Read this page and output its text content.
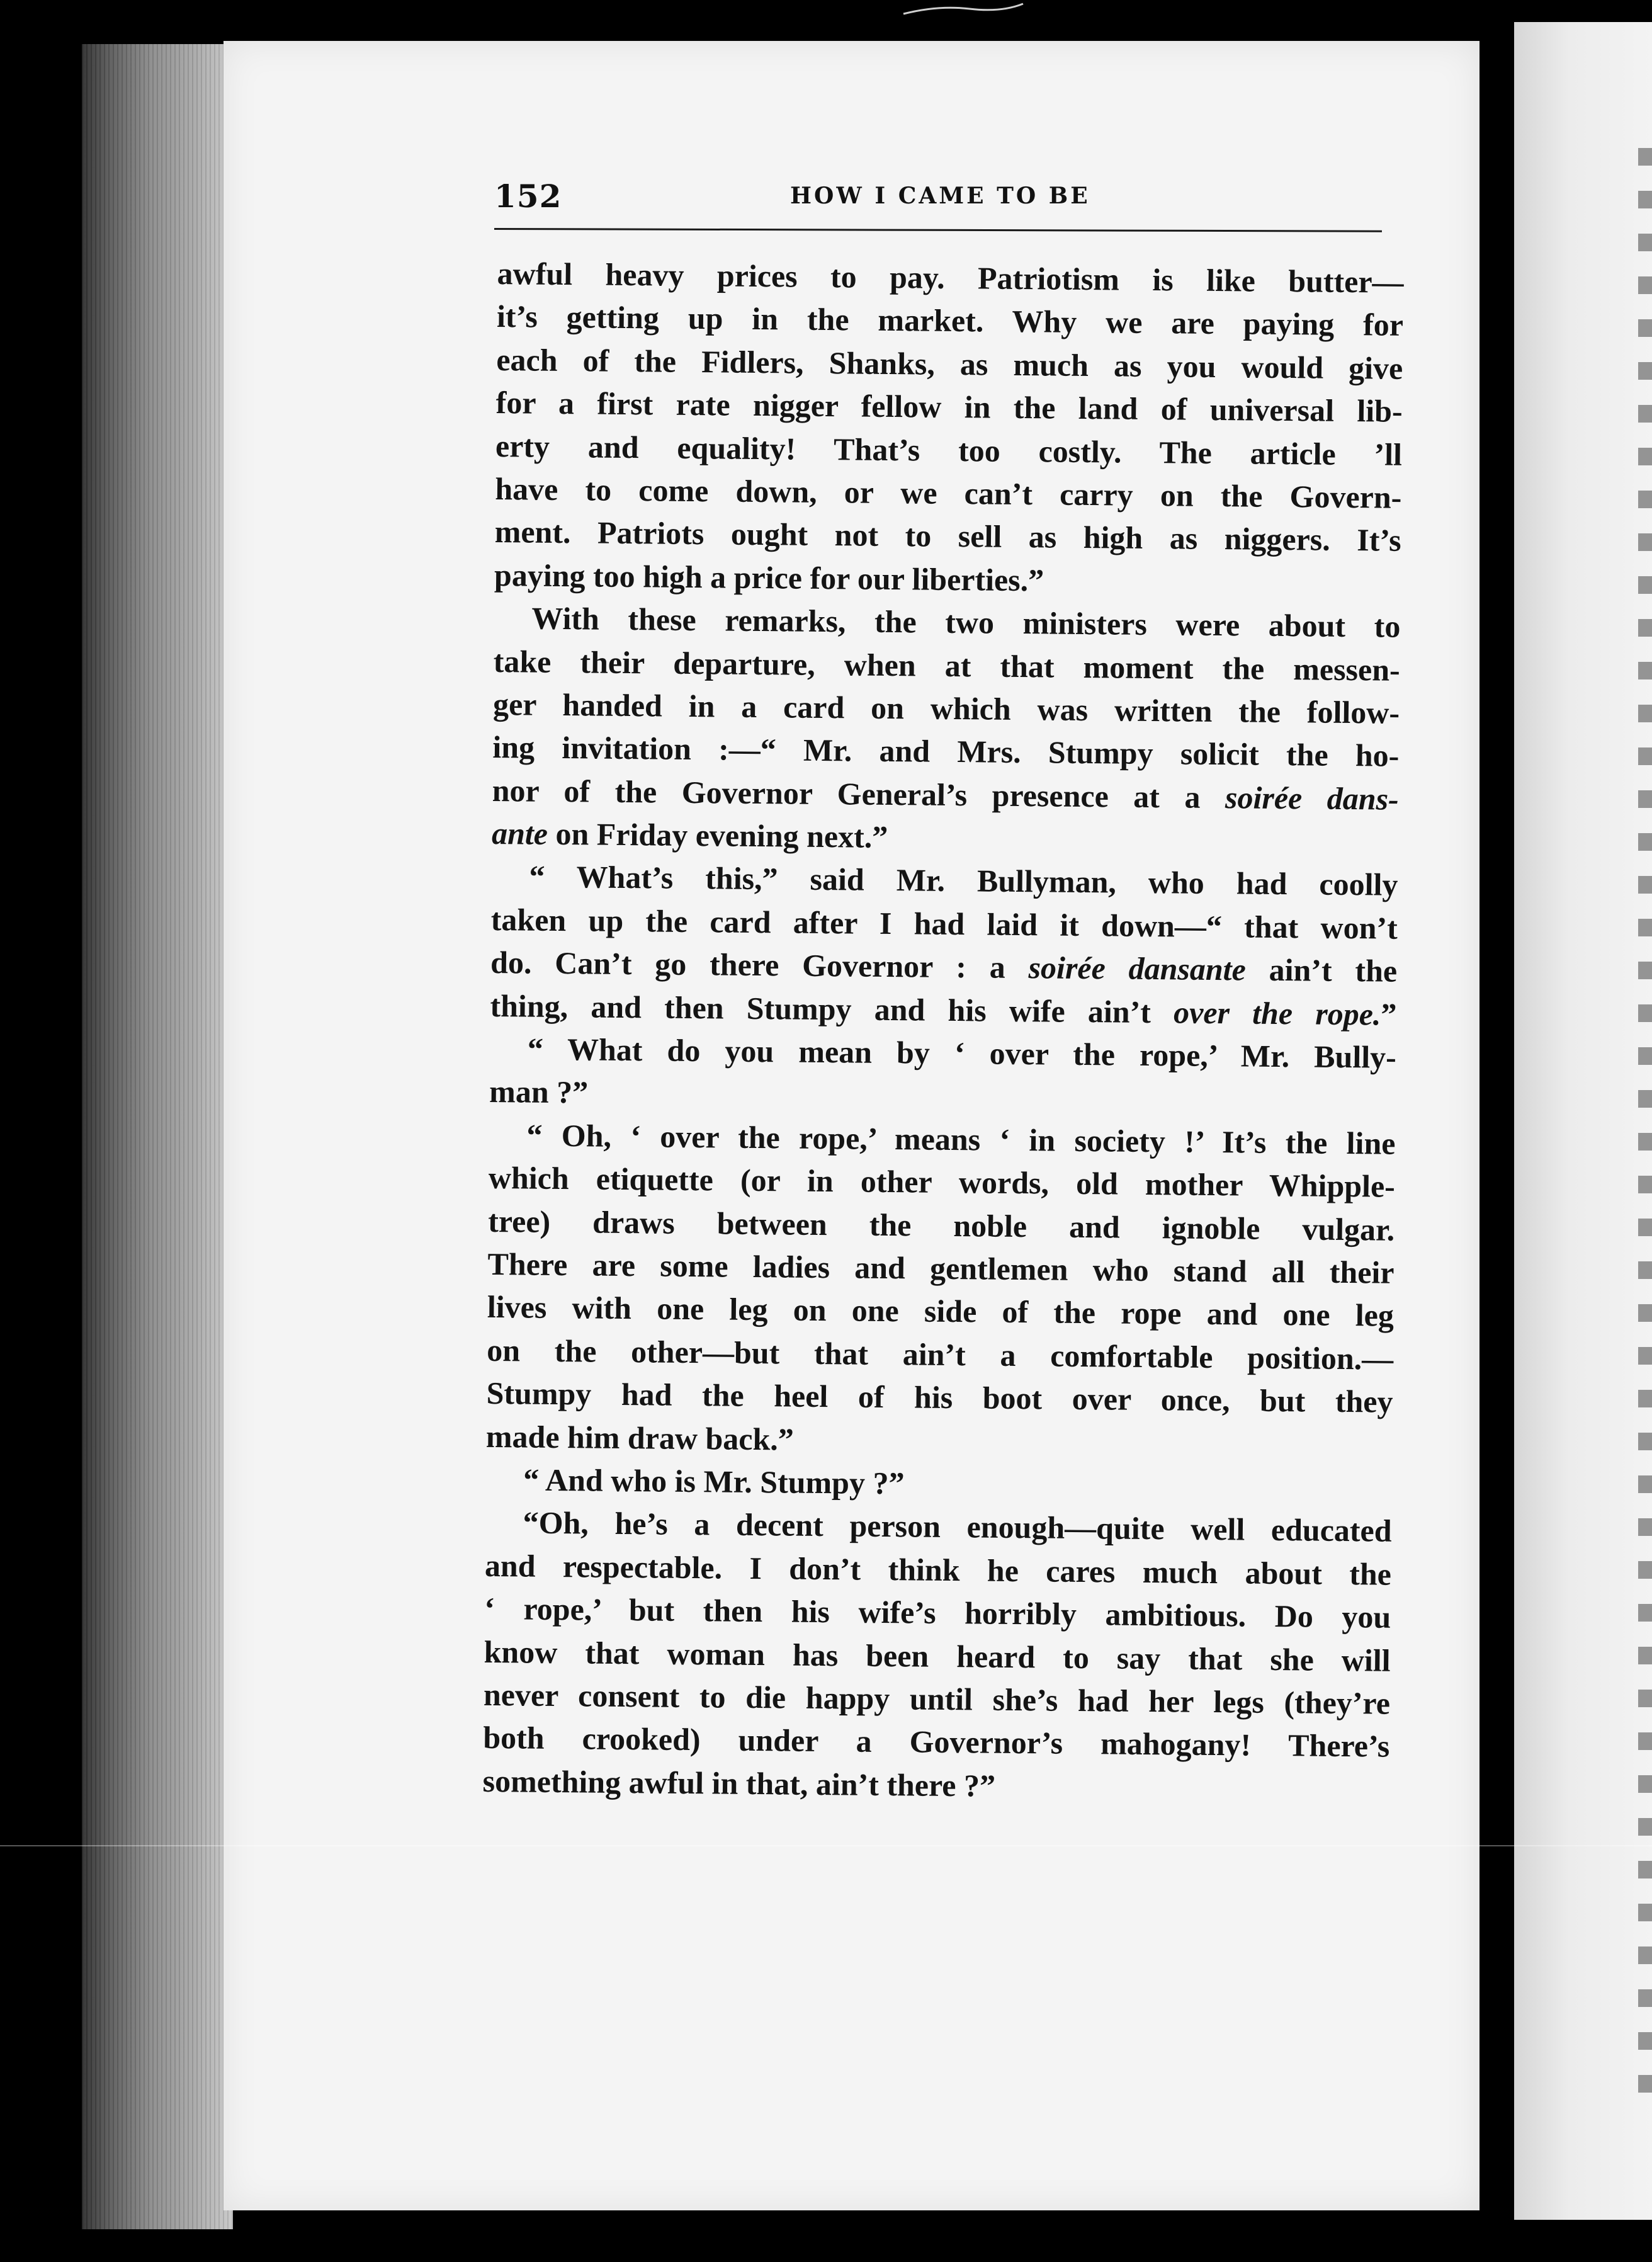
152	HOW I CAME TO BE
awful heavy prices to pay. Patriotism is like butter—
it’s getting up in the market. Why we are paying for
each of the Fidlers, Shanks, as much as you would give
for a first rate nigger fellow in the land of universal lib-
erty and equality! That’s too costly. The article ’ll
have to come down, or we can’t carry on the Govern-
ment. Patriots ought not to sell as high as niggers. It’s
paying too high a price for our liberties.”
With these remarks, the two ministers were about to
take their departure, when at that moment the messen-
ger handed in a card on which was written the follow-
ing invitation :—“ Mr. and Mrs. Stumpy solicit the ho-
nor of the Governor General’s presence at a soirée dans-
ante on Friday evening next.”
“ What’s this,” said Mr. Bullyman, who had coolly
taken up the card after I had laid it down—“ that won’t
do. Can’t go there Governor : a soirée dansante ain’t the
thing, and then Stumpy and his wife ain’t over the rope.”
“ What do you mean by ‘ over the rope,’ Mr. Bully-
man ?”
“ Oh, ‘ over the rope,’ means ‘ in society !’ It’s the line
which etiquette (or in other words, old mother Whipple-
tree) draws between the noble and ignoble vulgar.
There are some ladies and gentlemen who stand all their
lives with one leg on one side of the rope and one leg
on the other—but that ain’t a comfortable position.—
Stumpy had the heel of his boot over once, but they
made him draw back.”
“ And who is Mr. Stumpy ?”
“Oh, he’s a decent person enough—quite well educated
and respectable. I don’t think he cares much about the
‘ rope,’ but then his wife’s horribly ambitious. Do you
know that woman has been heard to say that she will
never consent to die happy until she’s had her legs (they’re
both crooked) under a Governor’s mahogany! There’s
something awful in that, ain’t there ?”
